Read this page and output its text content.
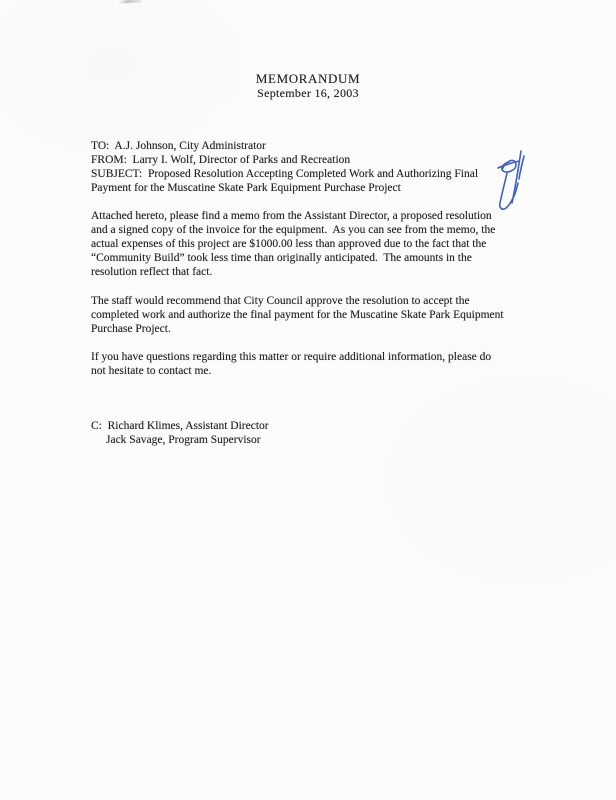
MEMORANDUM
September 16, 2003
TO:  A.J. Johnson, City Administrator
FROM:  Larry I. Wolf, Director of Parks and Recreation
SUBJECT:  Proposed Resolution Accepting Completed Work and Authorizing Final
Payment for the Muscatine Skate Park Equipment Purchase Project
Attached hereto, please find a memo from the Assistant Director, a proposed resolution
and a signed copy of the invoice for the equipment.  As you can see from the memo, the
actual expenses of this project are $1000.00 less than approved due to the fact that the
“Community Build” took less time than originally anticipated.  The amounts in the
resolution reflect that fact.
The staff would recommend that City Council approve the resolution to accept the
completed work and authorize the final payment for the Muscatine Skate Park Equipment
Purchase Project.
If you have questions regarding this matter or require additional information, please do
not hesitate to contact me.
C:  Richard Klimes, Assistant Director
Jack Savage, Program Supervisor
